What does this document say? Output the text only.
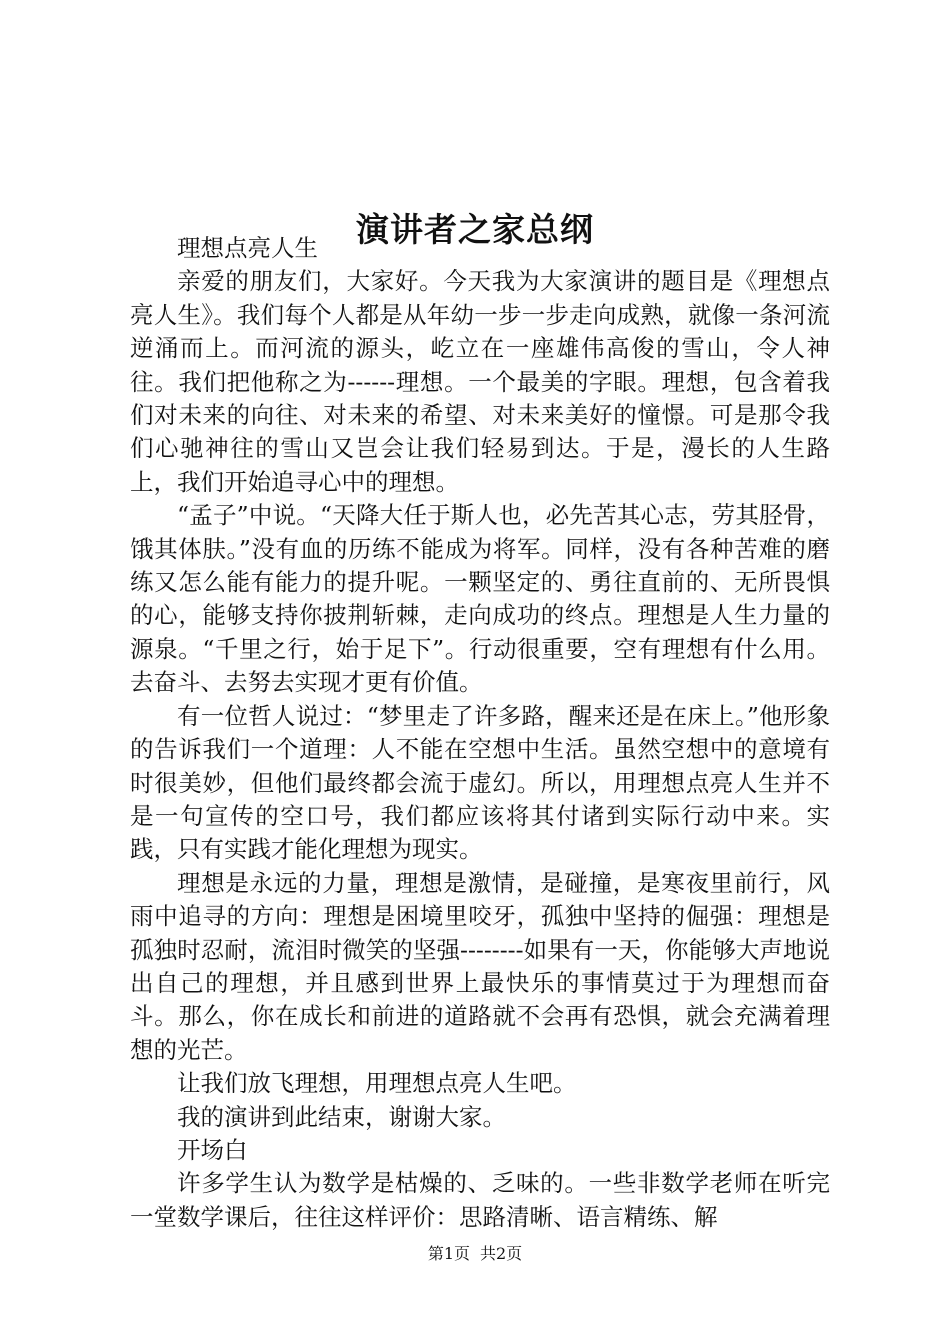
演讲者之家总纲

理想点亮人生

亲爱的朋友们，大家好。今天我为大家演讲的题目是《理想点亮人生》。我们每个人都是从年幼一步一步走向成熟，就像一条河流逆涌而上。而河流的源头，屹立在一座雄伟高俊的雪山，令人神往。我们把他称之为------理想。一个最美的字眼。理想，包含着我们对未来的向往、对未来的希望、对未来美好的憧憬。可是那令我们心驰神往的雪山又岂会让我们轻易到达。于是，漫长的人生路上，我们开始追寻心中的理想。

“孟子”中说。“天降大任于斯人也，必先苦其心志，劳其胫骨，饿其体肤。”没有血的历练不能成为将军。同样，没有各种苦难的磨练又怎么能有能力的提升呢。一颗坚定的、勇往直前的、无所畏惧的心，能够支持你披荆斩棘，走向成功的终点。理想是人生力量的源泉。“千里之行，始于足下”。行动很重要，空有理想有什么用。去奋斗、去努去实现才更有价值。

有一位哲人说过：“梦里走了许多路，醒来还是在床上。”他形象的告诉我们一个道理：人不能在空想中生活。虽然空想中的意境有时很美妙，但他们最终都会流于虚幻。所以，用理想点亮人生并不是一句宣传的空口号，我们都应该将其付诸到实际行动中来。实践，只有实践才能化理想为现实。

理想是永远的力量，理想是激情，是碰撞，是寒夜里前行，风雨中追寻的方向：理想是困境里咬牙，孤独中坚持的倔强：理想是孤独时忍耐，流泪时微笑的坚强--------如果有一天，你能够大声地说出自己的理想，并且感到世界上最快乐的事情莫过于为理想而奋斗。那么，你在成长和前进的道路就不会再有恐惧，就会充满着理想的光芒。

让我们放飞理想，用理想点亮人生吧。

我的演讲到此结束，谢谢大家。

开场白

许多学生认为数学是枯燥的、乏味的。一些非数学老师在听完一堂数学课后，往往这样评价：思路清晰、语言精练、解

第1页 共2页
